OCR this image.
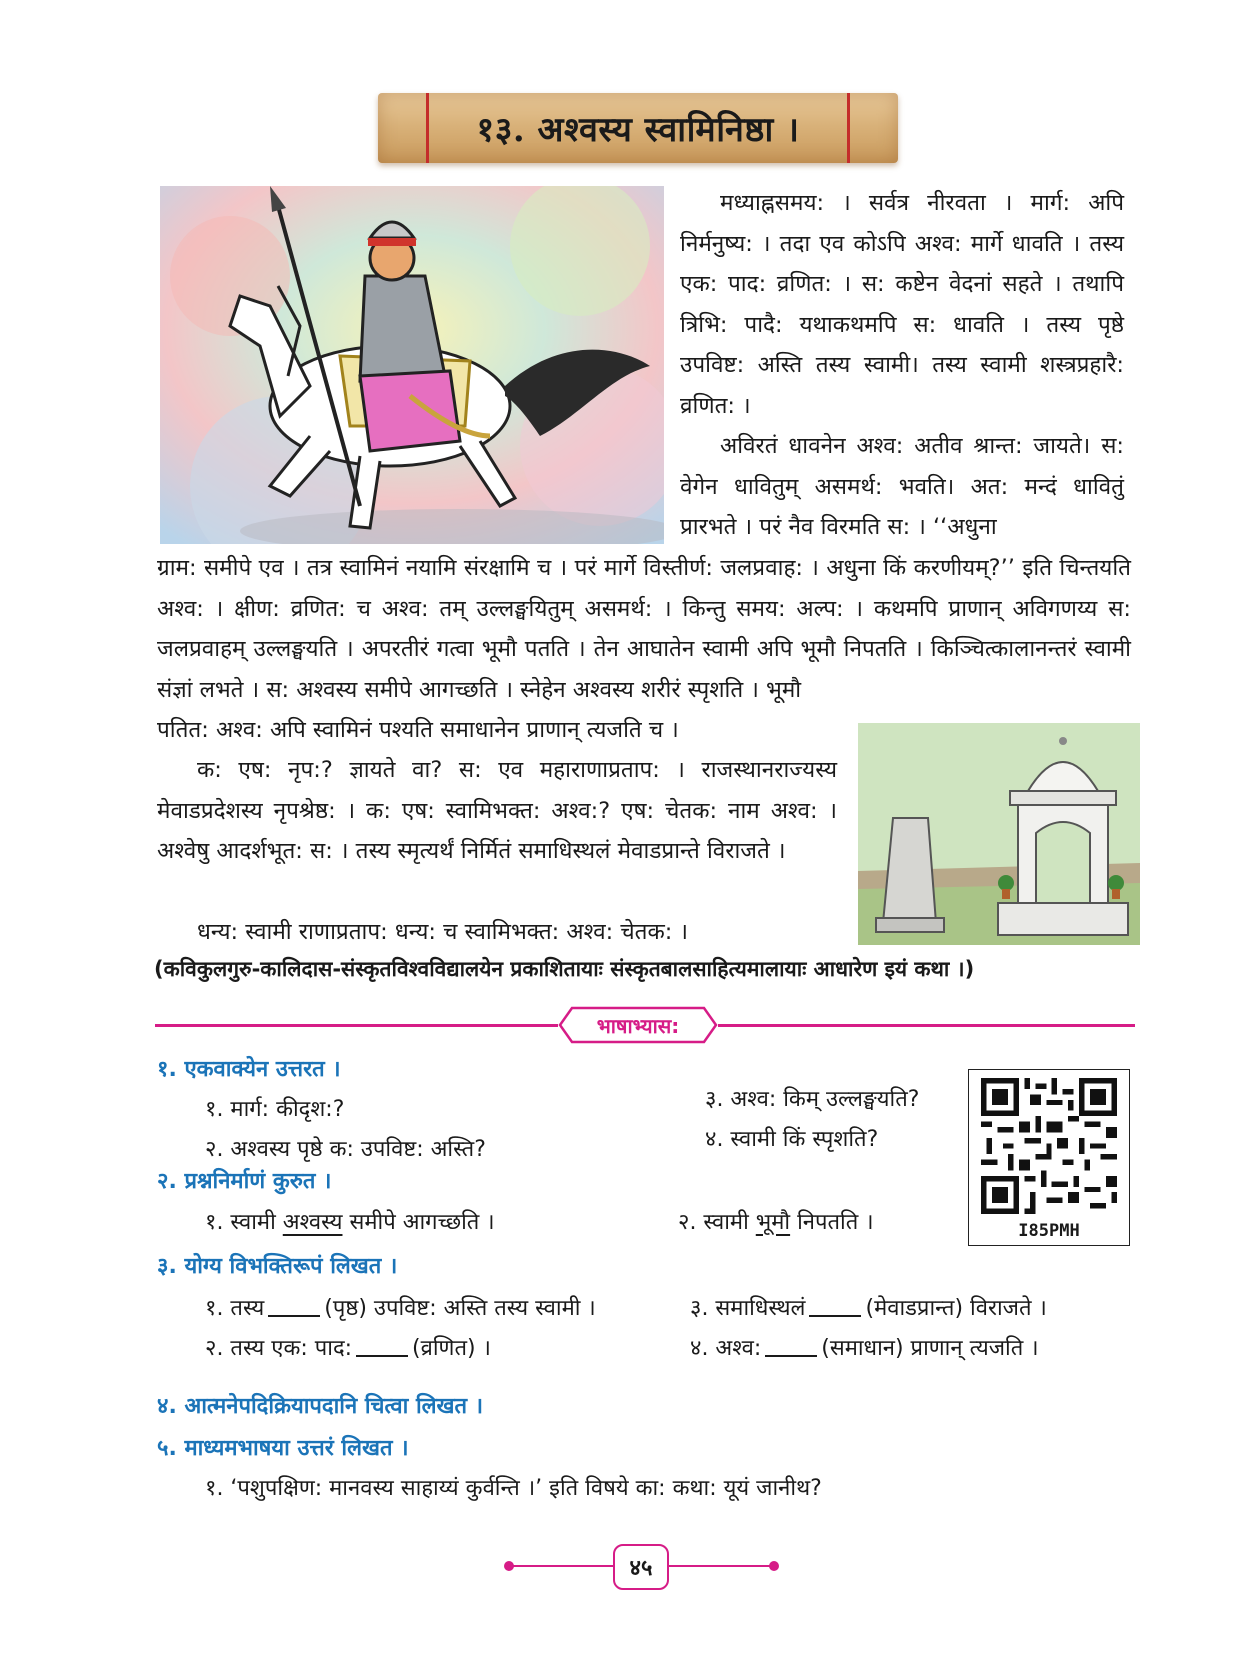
१३. अश्वस्य स्वामिनिष्ठा ।

मध्याह्नसमय: । सर्वत्र नीरवता । मार्ग: अपि निर्मनुष्य: । तदा एव कोऽपि अश्व: मार्गे धावति । तस्य एक: पाद: व्रणित: । स: कष्टेन वेदनां सहते । तथापि त्रिभि: पादै: यथाकथमपि स: धावति । तस्य पृष्ठे उपविष्ट: अस्ति तस्य स्वामी। तस्य स्वामी शस्त्रप्रहारै: व्रणित: ।

अविरतं धावनेन अश्व: अतीव श्रान्त: जायते। स: वेगेन धावितुम् असमर्थ: भवति। अत: मन्दं धावितुं प्रारभते । परं नैव विरमति स: । ‘‘अधुना

ग्राम: समीपे एव । तत्र स्वामिनं नयामि संरक्षामि च । परं मार्गे विस्तीर्ण: जलप्रवाह: । अधुना किं करणीयम्?’’ इति चिन्तयति अश्व: । क्षीण: व्रणित: च अश्व: तम् उल्लङ्घयितुम् असमर्थ: । किन्तु समय: अल्प: । कथमपि प्राणान् अविगणय्य स: जलप्रवाहम् उल्लङ्घयति । अपरतीरं गत्वा भूमौ पतति । तेन आघातेन स्वामी अपि भूमौ निपतति । किञ्चित्कालानन्तरं स्वामी संज्ञां लभते । स: अश्वस्य समीपे आगच्छति । स्नेहेन अश्वस्य शरीरं स्पृशति । भूमौ

पतित: अश्व: अपि स्वामिनं पश्यति समाधानेन प्राणान् त्यजति च ।

क: एष: नृप:? ज्ञायते वा? स: एव महाराणाप्रताप: । राजस्थानराज्यस्य मेवाडप्रदेशस्य नृपश्रेष्ठ: । क: एष: स्वामिभक्त: अश्व:? एष: चेतक: नाम अश्व: । अश्वेषु आदर्शभूत: स: । तस्य स्मृत्यर्थं निर्मितं समाधिस्थलं मेवाडप्रान्ते विराजते ।

धन्य: स्वामी राणाप्रताप: धन्य: च स्वामिभक्त: अश्व: चेतक: ।

(कविकुलगुरु-कालिदास-संस्कृतविश्वविद्यालयेन प्रकाशितायाः संस्कृतबालसाहित्यमालायाः आधारेण इयं कथा ।)

भाषाभ्यास:

१. एकवाक्येन उत्तरत ।

१. मार्ग: कीदृश:?

२. अश्वस्य पृष्ठे क: उपविष्ट: अस्ति?

३. अश्व: किम् उल्लङ्घयति?

४. स्वामी किं स्पृशति?

I85PMH

२. प्रश्ननिर्माणं कुरुत ।

१. स्वामी अश्वस्य समीपे आगच्छति ।	२. स्वामी भूमौ निपतति ।

३. योग्य विभक्तिरूपं लिखत ।

१. तस्य	(पृष्ठ) उपविष्ट: अस्ति तस्य स्वामी ।

२. तस्य एक: पाद:	(व्रणित) ।

३. समाधिस्थलं	(मेवाडप्रान्त) विराजते ।

४. अश्व:	(समाधान) प्राणान् त्यजति ।

४. आत्मनेपदिक्रियापदानि चित्वा लिखत ।

५. माध्यमभाषया उत्तरं लिखत ।

१. ‘पशुपक्षिण: मानवस्य साहाय्यं कुर्वन्ति ।’ इति विषये का: कथा: यूयं जानीथ?

४५
